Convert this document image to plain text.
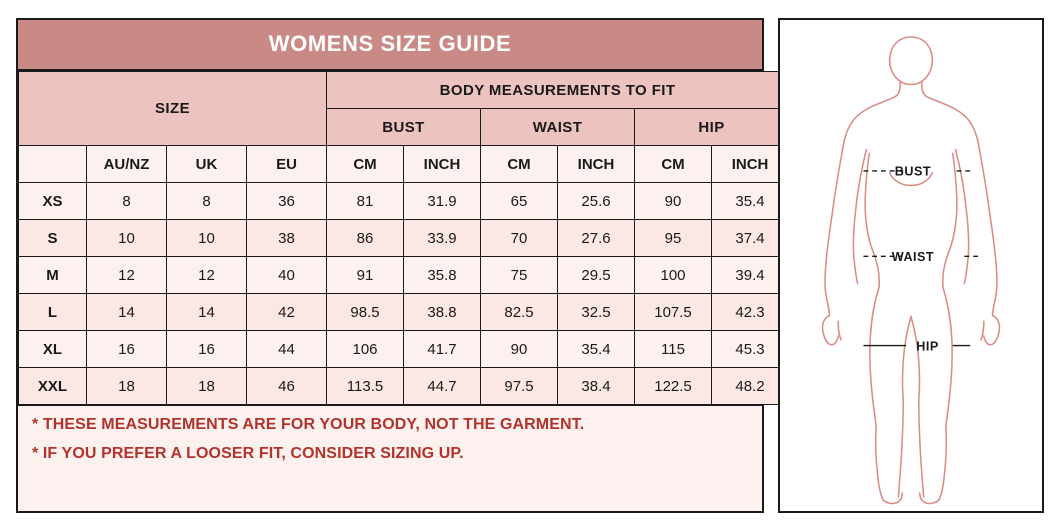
WOMENS SIZE GUIDE
SIZE				BODY MEASUREMENTS TO FIT					
				BUST		WAIST		HIP	
	AU/NZ	UK	EU	CM	INCH	CM	INCH	CM	INCH
XS	8	8	36	81	31.9	65	25.6	90	35.4
S	10	10	38	86	33.9	70	27.6	95	37.4
M	12	12	40	91	35.8	75	29.5	100	39.4
L	14	14	42	98.5	38.8	82.5	32.5	107.5	42.3
XL	16	16	44	106	41.7	90	35.4	115	45.3
XXL	18	18	46	113.5	44.7	97.5	38.4	122.5	48.2

* THESE MEASUREMENTS ARE FOR YOUR BODY, NOT THE GARMENT.

* IF YOU PREFER A LOOSER FIT, CONSIDER SIZING UP.

BUST
WAIST
HIP
